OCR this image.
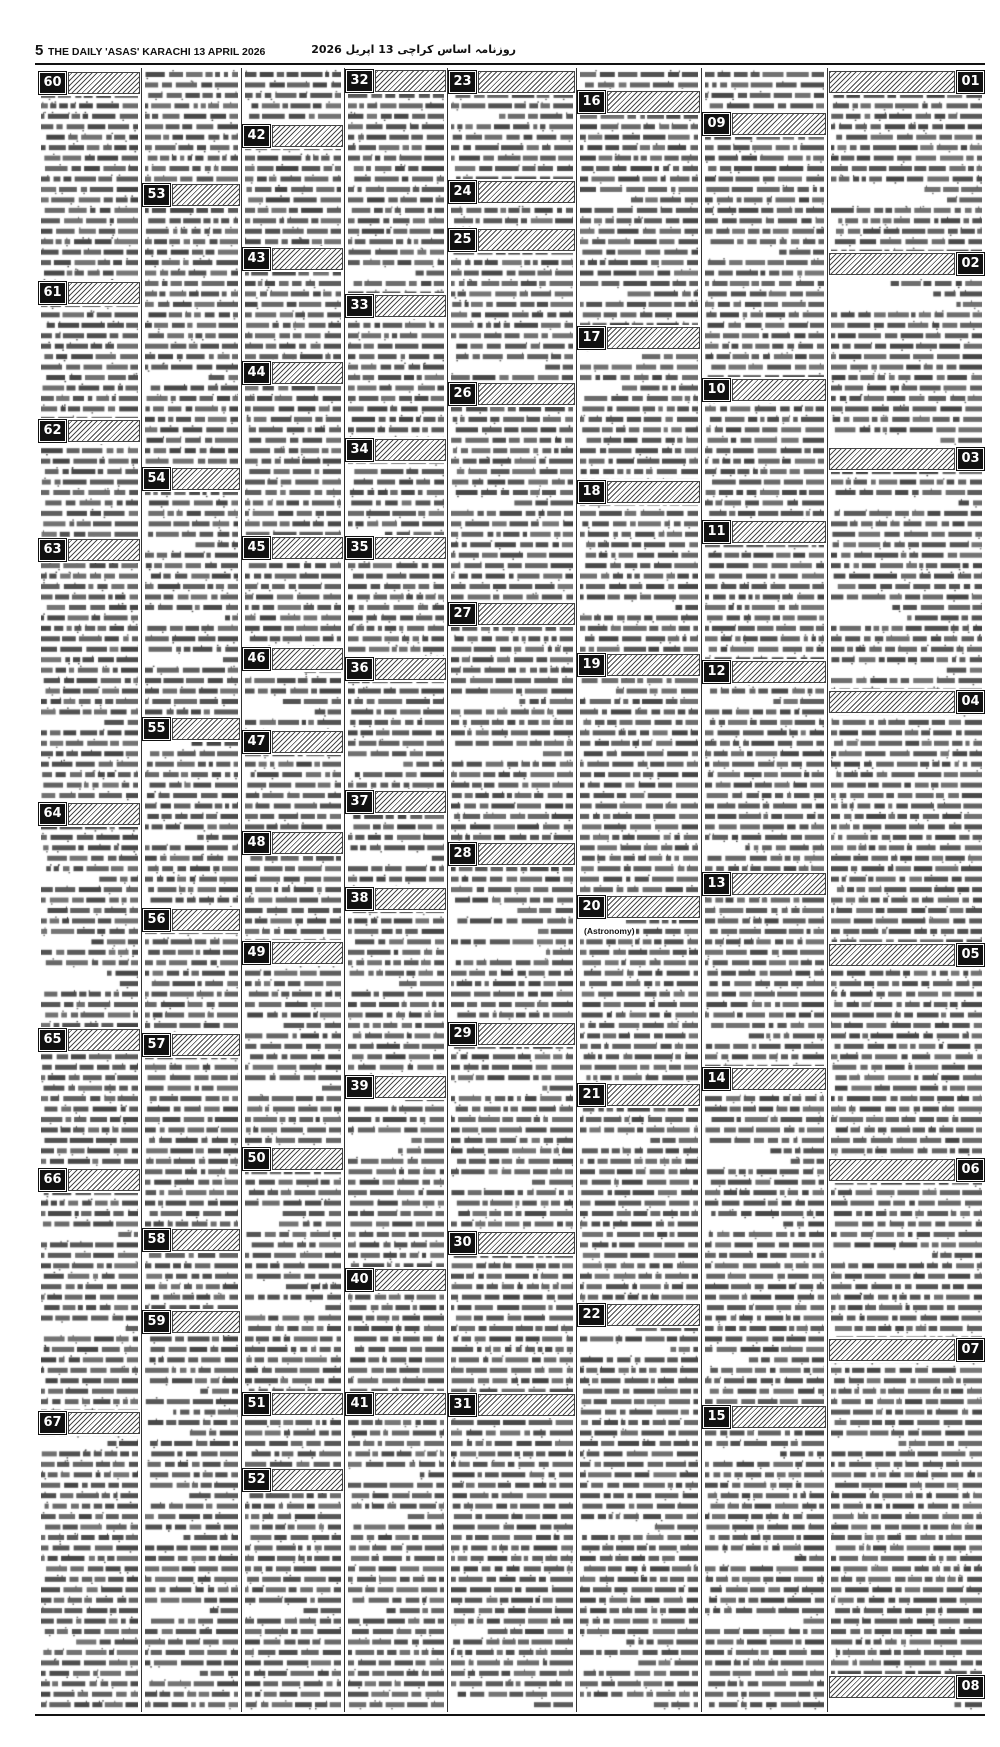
5 THE DAILY 'ASAS' KARACHI 13 APRIL 2026	روزنامہ اساس کراچی 13 اپریل 2026
01
02
03
04
05
06
07
08
09
10
11
12
13
14
15
16
17
18
19
20
(Astronomy)
21
22
23
24
25
26
27
28
29
30
31
32
33
34
35
36
37
38
39
40
41
42
43
44
45
46
47
48
49
50
51
52
53
54
55
56
57
58
59
60
61
62
63
64
65
66
67
